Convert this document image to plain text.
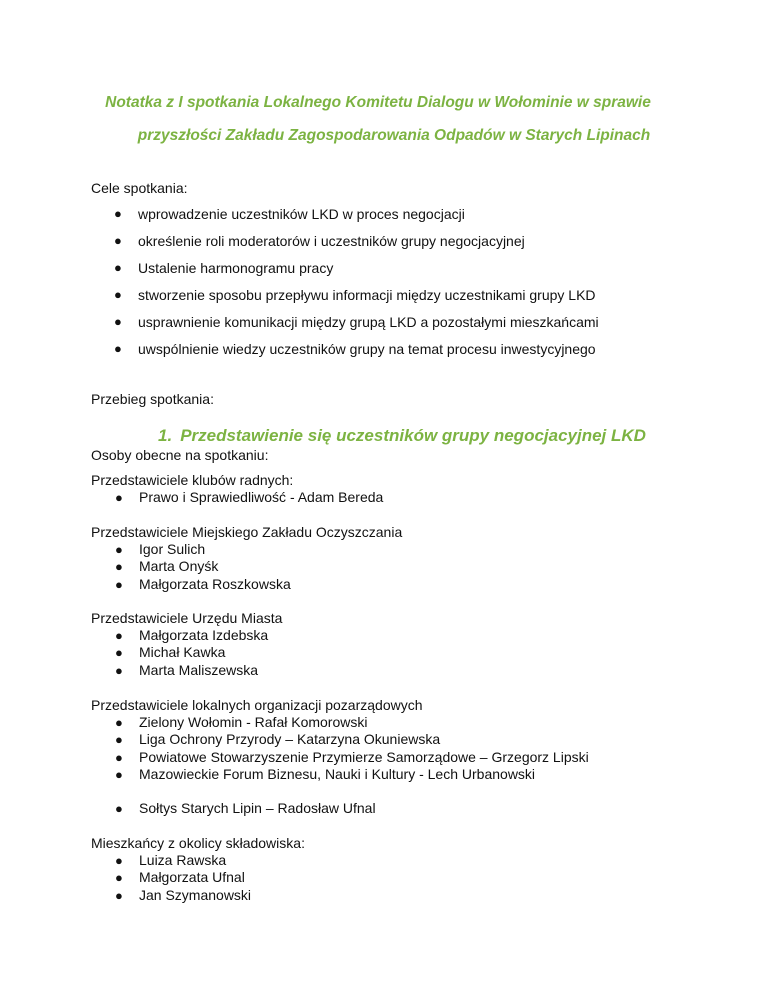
Notatka z I spotkania Lokalnego Komitetu Dialogu w Wołominie w sprawie
przyszłości Zakładu Zagospodarowania Odpadów w Starych Lipinach
Cele spotkania:
● wprowadzenie uczestników LKD w proces negocjacji
● określenie roli moderatorów i uczestników grupy negocjacyjnej
● Ustalenie harmonogramu pracy
● stworzenie sposobu przepływu informacji między uczestnikami grupy LKD
● usprawnienie komunikacji między grupą LKD a pozostałymi mieszkańcami
● uwspólnienie wiedzy uczestników grupy na temat procesu inwestycyjnego
Przebieg spotkania:
1. Przedstawienie się uczestników grupy negocjacyjnej LKD
Osoby obecne na spotkaniu:
Przedstawiciele klubów radnych:
● Prawo i Sprawiedliwość - Adam Bereda
Przedstawiciele Miejskiego Zakładu Oczyszczania
● Igor Sulich
● Marta Onyśk
● Małgorzata Roszkowska
Przedstawiciele Urzędu Miasta
● Małgorzata Izdebska
● Michał Kawka
● Marta Maliszewska
Przedstawiciele lokalnych organizacji pozarządowych
● Zielony Wołomin - Rafał Komorowski
● Liga Ochrony Przyrody – Katarzyna Okuniewska
● Powiatowe Stowarzyszenie Przymierze Samorządowe – Grzegorz Lipski
● Mazowieckie Forum Biznesu, Nauki i Kultury - Lech Urbanowski
● Sołtys Starych Lipin – Radosław Ufnal
Mieszkańcy z okolicy składowiska:
● Luiza Rawska
● Małgorzata Ufnal
● Jan Szymanowski
